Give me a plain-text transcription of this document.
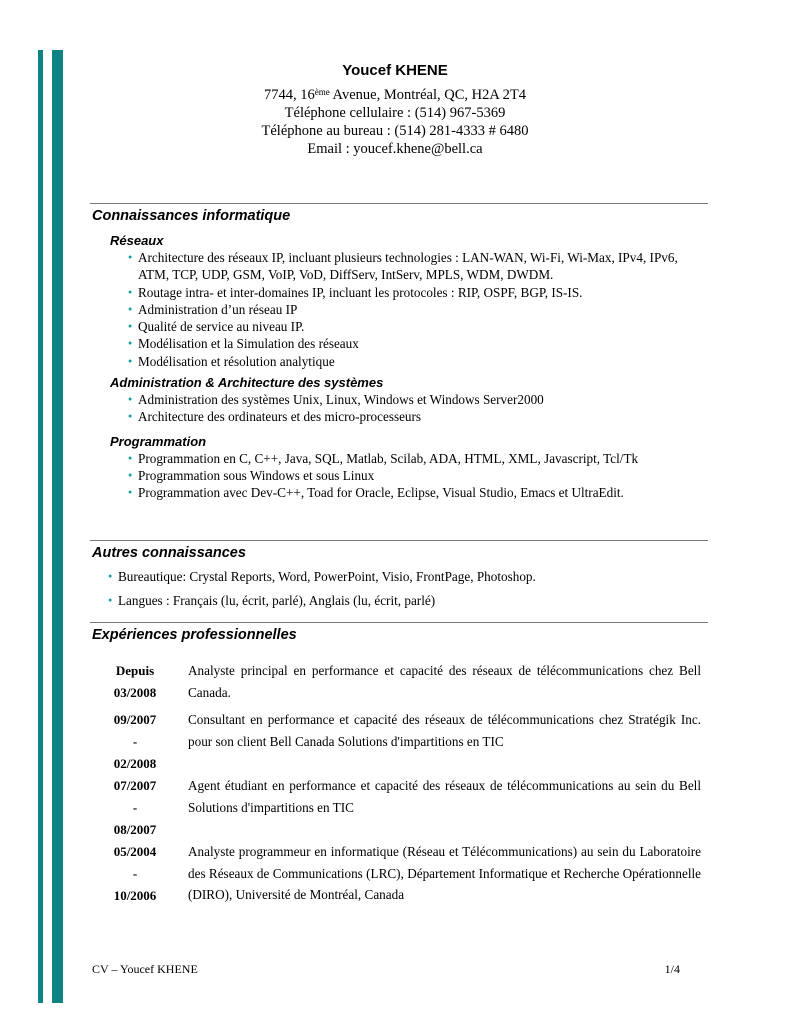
Youcef KHENE
7744, 16ème Avenue, Montréal, QC, H2A 2T4
Téléphone cellulaire : (514) 967-5369
Téléphone au bureau : (514) 281-4333 # 6480
Email : youcef.khene@bell.ca
Connaissances informatique
Réseaux
● Architecture des réseaux IP, incluant plusieurs technologies : LAN-WAN, Wi-Fi, Wi-Max, IPv4, IPv6, ATM, TCP, UDP, GSM, VoIP, VoD, DiffServ, IntServ, MPLS, WDM, DWDM.
● Routage intra- et inter-domaines IP, incluant les protocoles : RIP, OSPF, BGP, IS-IS.
● Administration d’un réseau IP
● Qualité de service au niveau IP.
● Modélisation et la Simulation des réseaux
● Modélisation et résolution analytique
Administration & Architecture des systèmes
● Administration des systèmes Unix, Linux, Windows et Windows Server2000
● Architecture des ordinateurs et des micro-processeurs
Programmation
● Programmation en C, C++, Java, SQL, Matlab, Scilab, ADA, HTML, XML, Javascript, Tcl/Tk
● Programmation sous Windows et sous Linux
● Programmation avec Dev-C++, Toad for Oracle, Eclipse, Visual Studio, Emacs et UltraEdit.
Autres connaissances
● Bureautique: Crystal Reports, Word, PowerPoint, Visio, FrontPage, Photoshop.
● Langues : Français (lu, écrit, parlé), Anglais (lu, écrit, parlé)
Expériences professionnelles
Depuis
03/2008
Analyste principal en performance et capacité des réseaux de télécommunications chez Bell Canada.
09/2007
-
02/2008
Consultant en performance et capacité des réseaux de télécommunications chez Stratégik Inc. pour son client Bell Canada Solutions d'impartitions en TIC
07/2007
-
08/2007
Agent étudiant en performance et capacité des réseaux de télécommunications au sein du Bell Solutions d'impartitions en TIC
05/2004
-
10/2006
Analyste programmeur en informatique (Réseau et Télécommunications) au sein du Laboratoire des Réseaux de Communications (LRC), Département Informatique et Recherche Opérationnelle (DIRO), Université de Montréal, Canada
CV – Youcef KHENE	1/4
